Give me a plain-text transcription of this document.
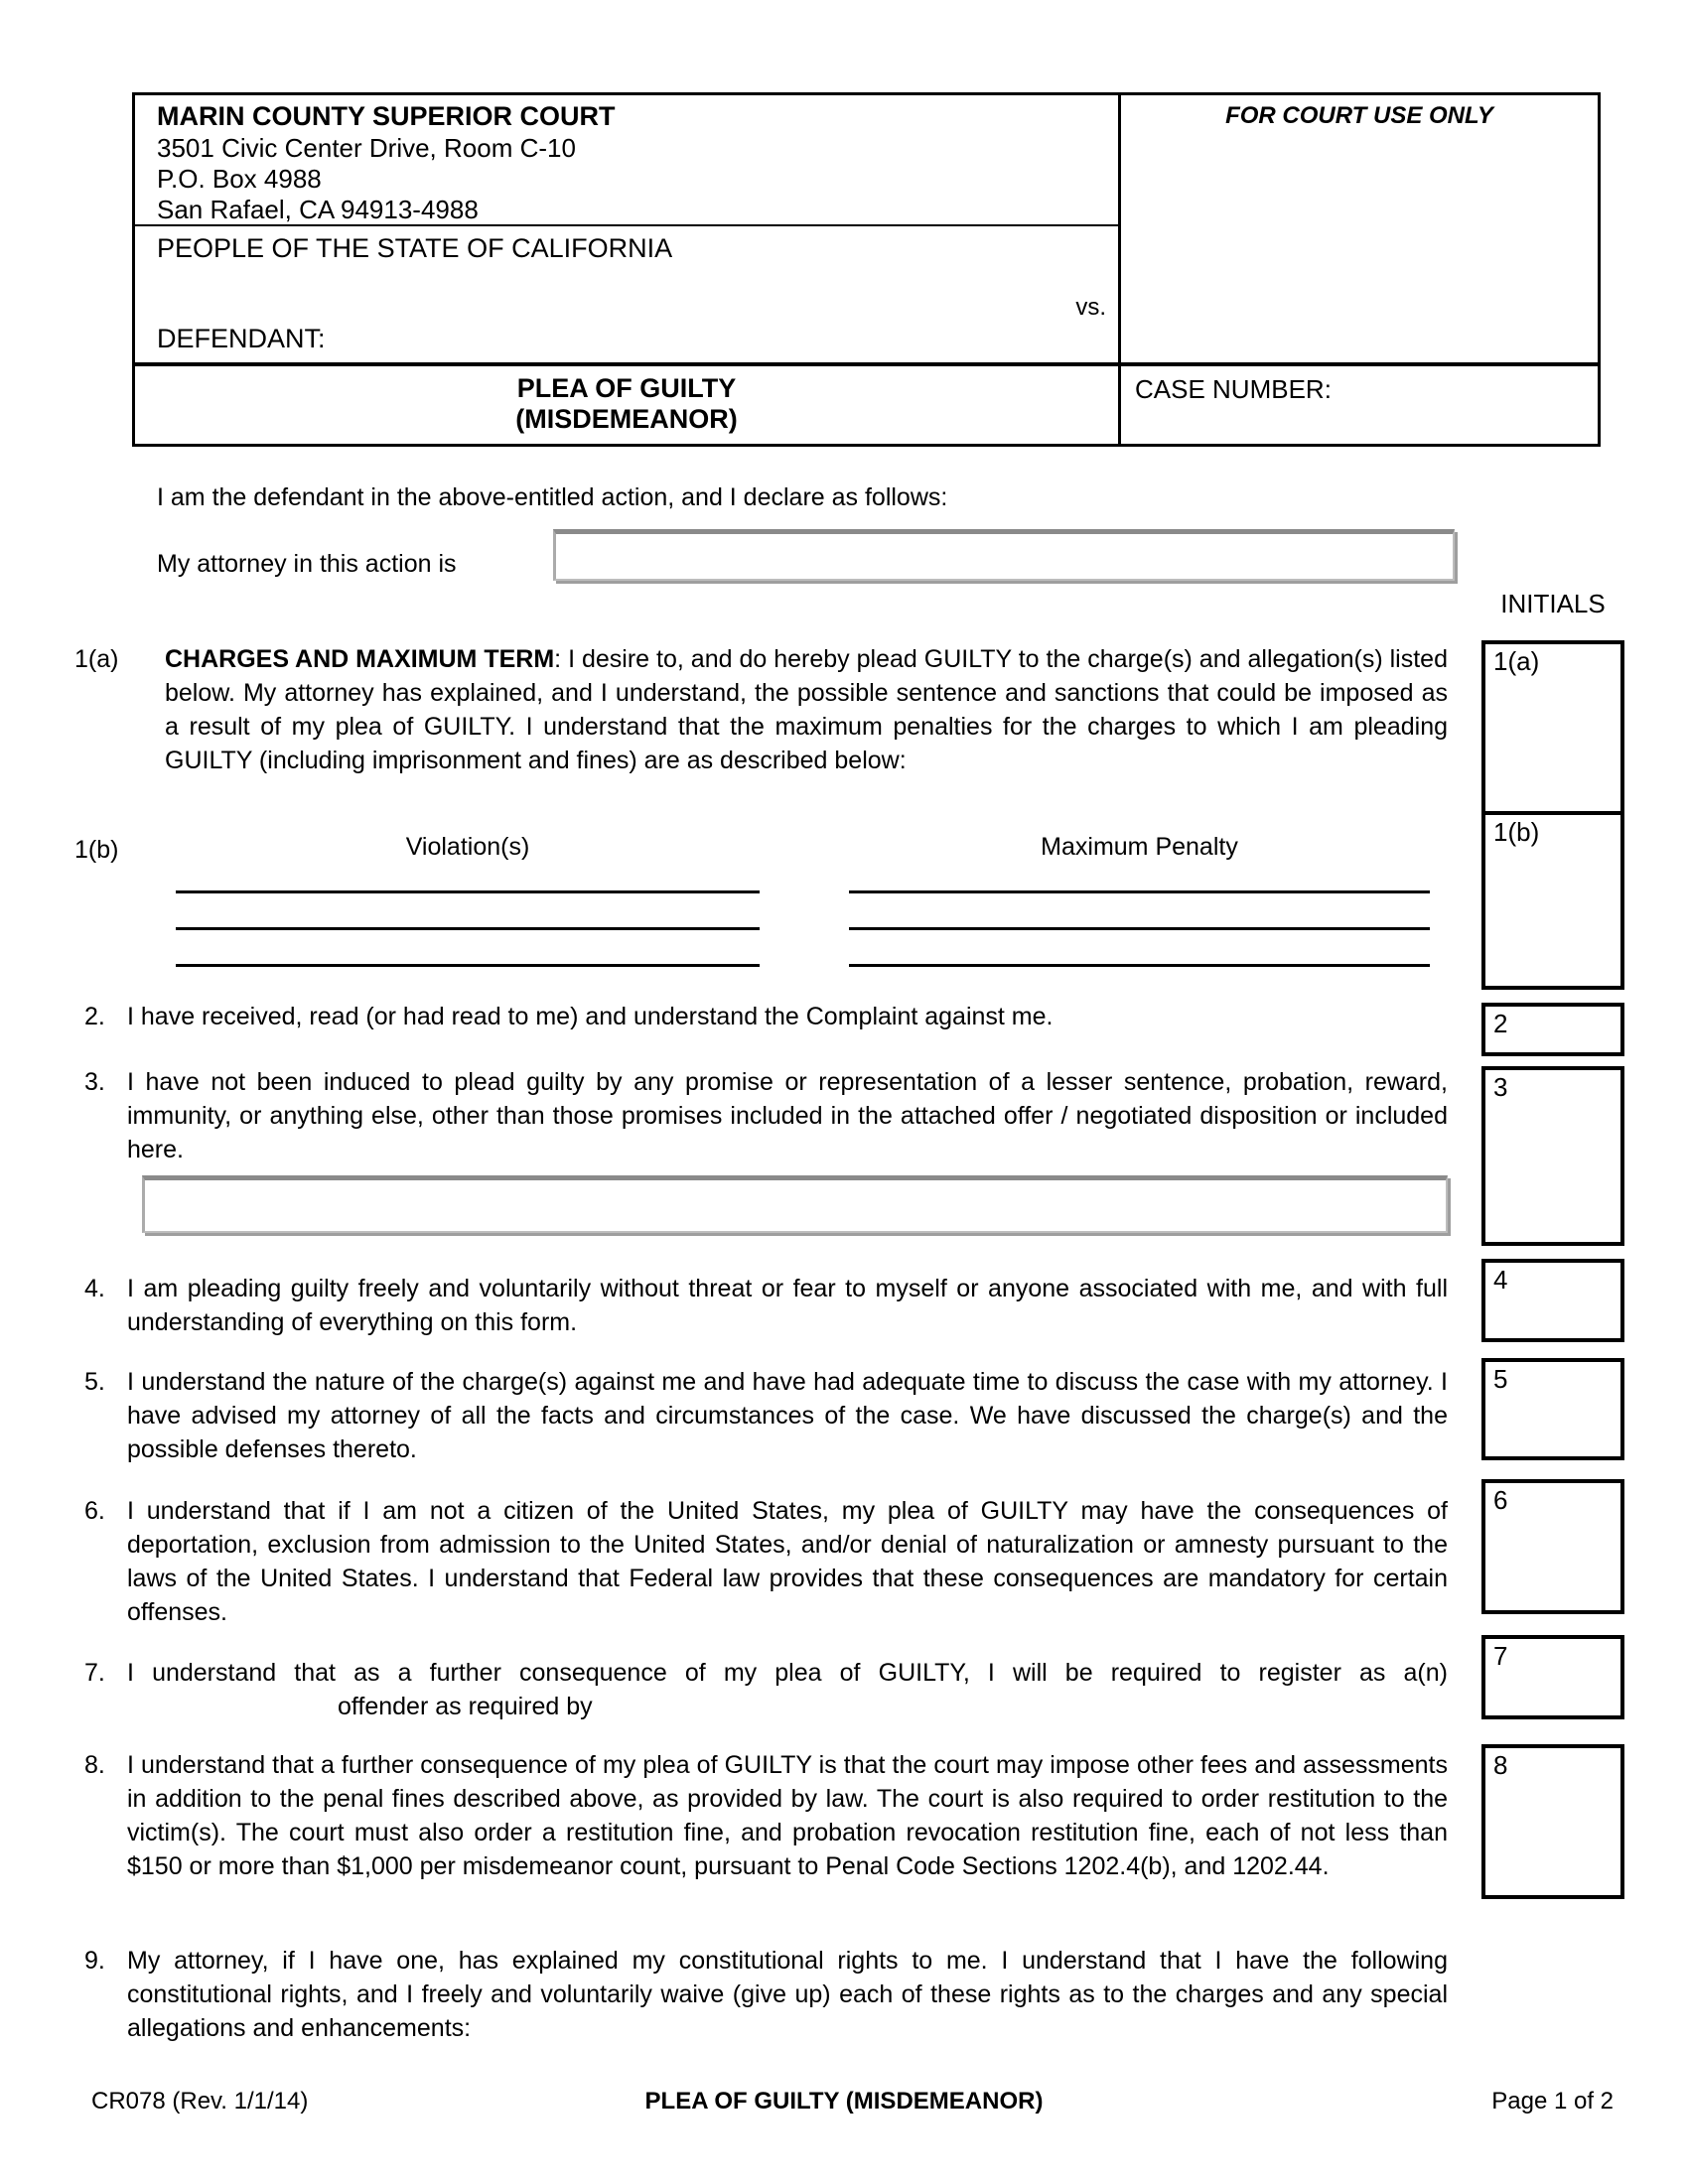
MARIN COUNTY SUPERIOR COURT
3501 Civic Center Drive, Room C-10
P.O. Box 4988
San Rafael, CA 94913-4988
PEOPLE OF THE STATE OF CALIFORNIA
vs.
DEFENDANT:
PLEA OF GUILTY
(MISDEMEANOR)
FOR COURT USE ONLY
CASE NUMBER:
I am the defendant in the above-entitled action, and I declare as follows:
My attorney in this action is
INITIALS
1(a) CHARGES AND MAXIMUM TERM: I desire to, and do hereby plead GUILTY to the charge(s) and allegation(s) listed below. My attorney has explained, and I understand, the possible sentence and sanctions that could be imposed as a result of my plea of GUILTY. I understand that the maximum penalties for the charges to which I am pleading GUILTY (including imprisonment and fines) are as described below:
1(b)	Violation(s)	Maximum Penalty
2. I have received, read (or had read to me) and understand the Complaint against me.
3. I have not been induced to plead guilty by any promise or representation of a lesser sentence, probation, reward, immunity, or anything else, other than those promises included in the attached offer / negotiated disposition or included here.
4. I am pleading guilty freely and voluntarily without threat or fear to myself or anyone associated with me, and with full understanding of everything on this form.
5. I understand the nature of the charge(s) against me and have had adequate time to discuss the case with my attorney. I have advised my attorney of all the facts and circumstances of the case. We have discussed the charge(s) and the possible defenses thereto.
6. I understand that if I am not a citizen of the United States, my plea of GUILTY may have the consequences of deportation, exclusion from admission to the United States, and/or denial of naturalization or amnesty pursuant to the laws of the United States. I understand that Federal law provides that these consequences are mandatory for certain offenses.
7. I understand that as a further consequence of my plea of GUILTY, I will be required to register as a(n)
offender as required by
8. I understand that a further consequence of my plea of GUILTY is that the court may impose other fees and assessments in addition to the penal fines described above, as provided by law. The court is also required to order restitution to the victim(s). The court must also order a restitution fine, and probation revocation restitution fine, each of not less than $150 or more than $1,000 per misdemeanor count, pursuant to Penal Code Sections 1202.4(b), and 1202.44.
9. My attorney, if I have one, has explained my constitutional rights to me. I understand that I have the following constitutional rights, and I freely and voluntarily waive (give up) each of these rights as to the charges and any special allegations and enhancements:
1(a)
1(b)
2
3
4
5
6
7
8
PLEA OF GUILTY (MISDEMEANOR)
CR078 (Rev. 1/1/14)	Page 1 of 2
